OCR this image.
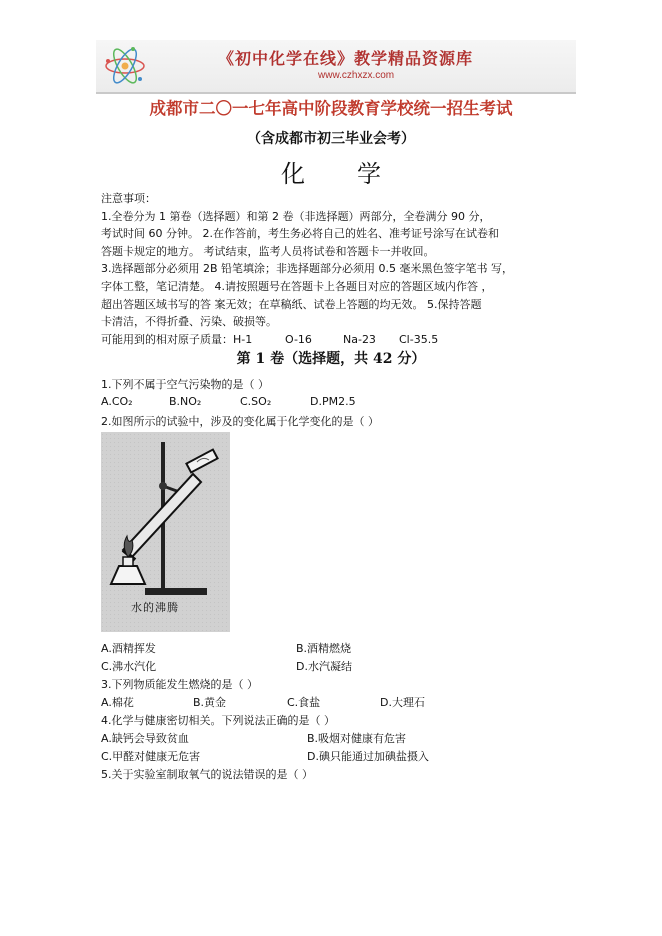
《初中化学在线》教学精品资源库
www.czhxzx.com
成都市二〇一七年高中阶段教育学校统一招生考试
（含成都市初三毕业会考）
化学

注意事项：

1.全卷分为 1 第卷（选择题）和第 2 卷（非选择题）两部分，全卷满分 90 分，

考试时间 60 分钟。 2.在作答前，考生务必将自己的姓名、准考证号涂写在试卷和

答题卡规定的地方。 考试结束，监考人员将试卷和答题卡一并收回。

3.选择题部分必须用 2B 铅笔填涂；非选择题部分必须用 0.5 毫米黑色签字笔书 写，

字体工整，笔记清楚。 4.请按照题号在答题卡上各题目对应的答题区域内作答 ，

超出答题区域书写的答 案无效；在草稿纸、试卷上答题的均无效。 5.保持答题

卡清洁，不得折叠、污染、破损等。

可能用到的相对原子质量：H-1	O-16	Na-23 Cl-35.5

第 1 卷（选择题，共 42 分）
1.下列不属于空气污染物的是（ ）
A.CO₂	B.NO₂	C.SO₂	D.PM2.5
2.如图所示的试验中，涉及的变化属于化学变化的是（ ）
水的沸腾
A.酒精挥发	B.酒精燃烧
C.沸水汽化	D.水汽凝结
3.下列物质能发生燃烧的是（ ）
A.棉花	B.黄金	C.食盐	D.大理石
4.化学与健康密切相关。下列说法正确的是（ ）
A.缺钙会导致贫血	B.吸烟对健康有危害
C.甲醛对健康无危害	D.碘只能通过加碘盐摄入
5.关于实验室制取氧气的说法错误的是（ ）
